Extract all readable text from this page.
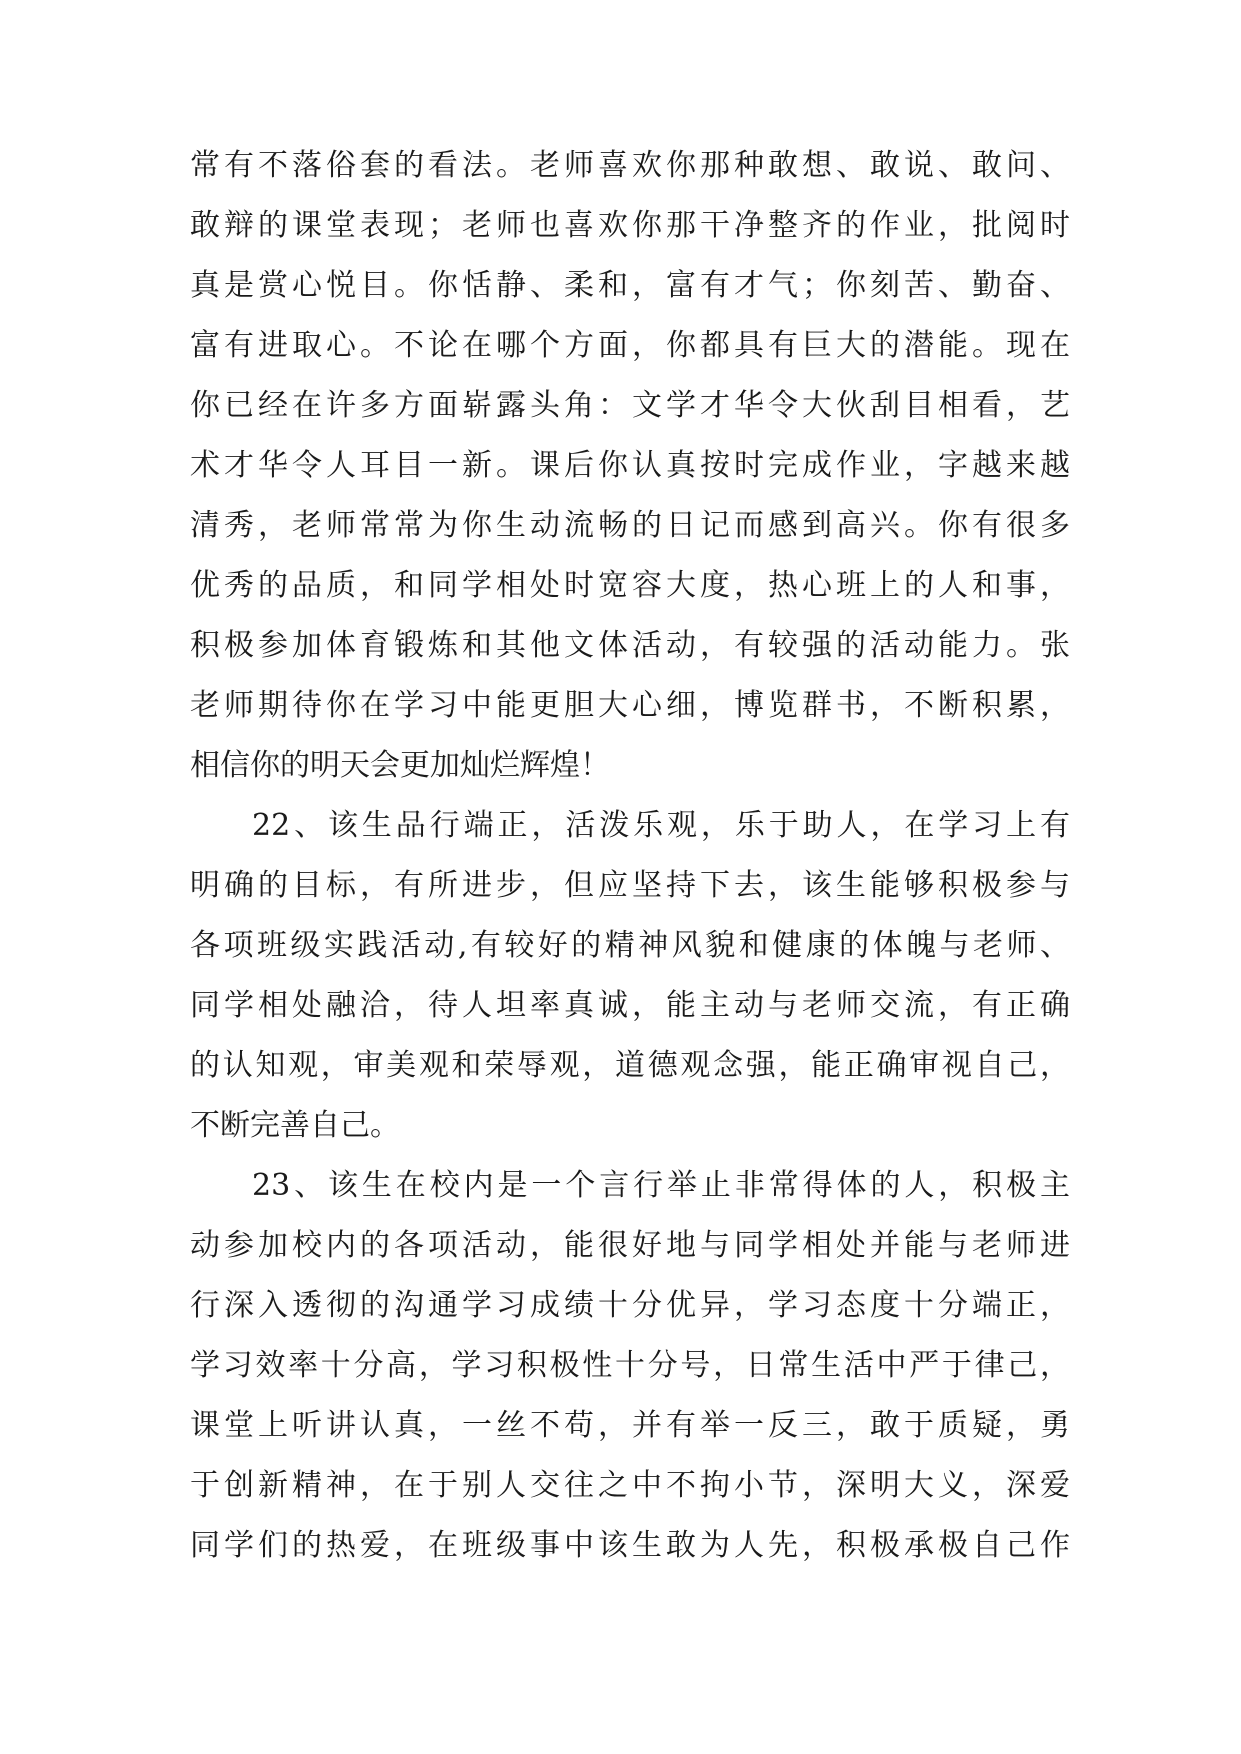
常有不落俗套的看法。老师喜欢你那种敢想、敢说、敢问、
敢辩的课堂表现；老师也喜欢你那干净整齐的作业，批阅时
真是赏心悦目。你恬静、柔和，富有才气；你刻苦、勤奋、
富有进取心。不论在哪个方面，你都具有巨大的潜能。现在
你已经在许多方面崭露头角：文学才华令大伙刮目相看，艺
术才华令人耳目一新。课后你认真按时完成作业，字越来越
清秀，老师常常为你生动流畅的日记而感到高兴。你有很多
优秀的品质，和同学相处时宽容大度，热心班上的人和事，
积极参加体育锻炼和其他文体活动，有较强的活动能力。张
老师期待你在学习中能更胆大心细，博览群书，不断积累，
相信你的明天会更加灿烂辉煌！
22、该生品行端正，活泼乐观，乐于助人，在学习上有
明确的目标，有所进步，但应坚持下去，该生能够积极参与
各项班级实践活动,有较好的精神风貌和健康的体魄与老师、
同学相处融洽，待人坦率真诚，能主动与老师交流，有正确
的认知观，审美观和荣辱观，道德观念强，能正确审视自己，
不断完善自己。
23、该生在校内是一个言行举止非常得体的人，积极主
动参加校内的各项活动，能很好地与同学相处并能与老师进
行深入透彻的沟通学习成绩十分优异，学习态度十分端正，
学习效率十分高，学习积极性十分号，日常生活中严于律己，
课堂上听讲认真，一丝不苟，并有举一反三，敢于质疑，勇
于创新精神，在于别人交往之中不拘小节，深明大义，深爱
同学们的热爱，在班级事中该生敢为人先，积极承极自己作
